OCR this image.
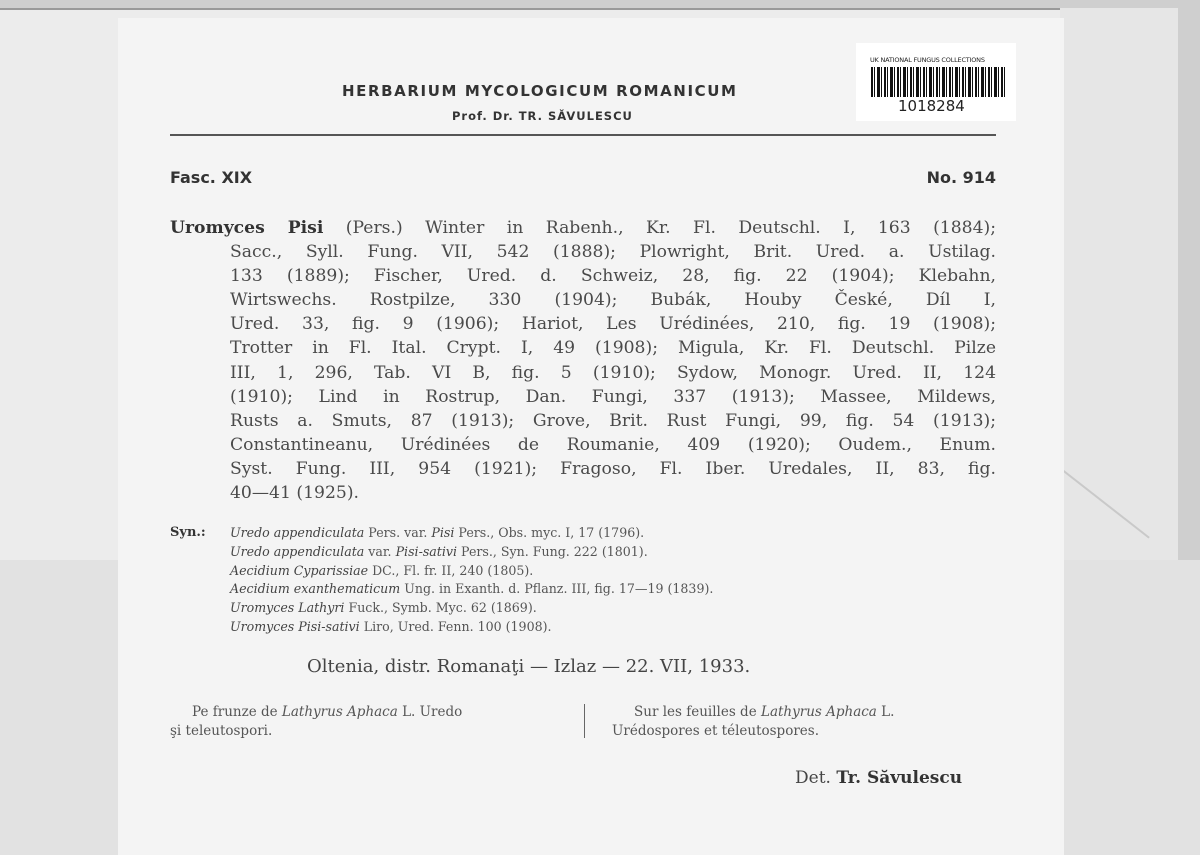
HERBARIUM MYCOLOGICUM ROMANICUM
Prof. Dr. TR. SĂVULESCU
UK NATIONAL FUNGUS COLLECTIONS
1018284
Fasc. XIX	No. 914
Uromyces Pisi (Pers.) Winter in Rabenh., Kr. Fl. Deutschl. I, 163 (1884);
Sacc., Syll. Fung. VII, 542 (1888); Plowright, Brit. Ured. a. Ustilag.
133 (1889); Fischer, Ured. d. Schweiz, 28, fig. 22 (1904); Klebahn,
Wirtswechs. Rostpilze, 330 (1904); Bubák, Houby České, Díl I,
Ured. 33, fig. 9 (1906); Hariot, Les Urédinées, 210, fig. 19 (1908);
Trotter in Fl. Ital. Crypt. I, 49 (1908); Migula, Kr. Fl. Deutschl. Pilze
III, 1, 296, Tab. VI B, fig. 5 (1910); Sydow, Monogr. Ured. II, 124
(1910); Lind in Rostrup, Dan. Fungi, 337 (1913); Massee, Mildews,
Rusts a. Smuts, 87 (1913); Grove, Brit. Rust Fungi, 99, fig. 54 (1913);
Constantineanu, Urédinées de Roumanie, 409 (1920); Oudem., Enum.
Syst. Fung. III, 954 (1921); Fragoso, Fl. Iber. Uredales, II, 83, fig.
40—41 (1925).
Syn.: Uredo appendiculata Pers. var. Pisi Pers., Obs. myc. I, 17 (1796).
Uredo appendiculata var. Pisi-sativi Pers., Syn. Fung. 222 (1801).
Aecidium Cyparissiae DC., Fl. fr. II, 240 (1805).
Aecidium exanthematicum Ung. in Exanth. d. Pflanz. III, fig. 17—19 (1839).
Uromyces Lathyri Fuck., Symb. Myc. 62 (1869).
Uromyces Pisi-sativi Liro, Ured. Fenn. 100 (1908).
Oltenia, distr. Romanaţi — Izlaz — 22. VII, 1933.
Pe frunze de Lathyrus Aphaca L. Uredo
şi teleutospori.
Sur les feuilles de Lathyrus Aphaca L.
Urédospores et téleutospores.
Det. Tr. Săvulescu
